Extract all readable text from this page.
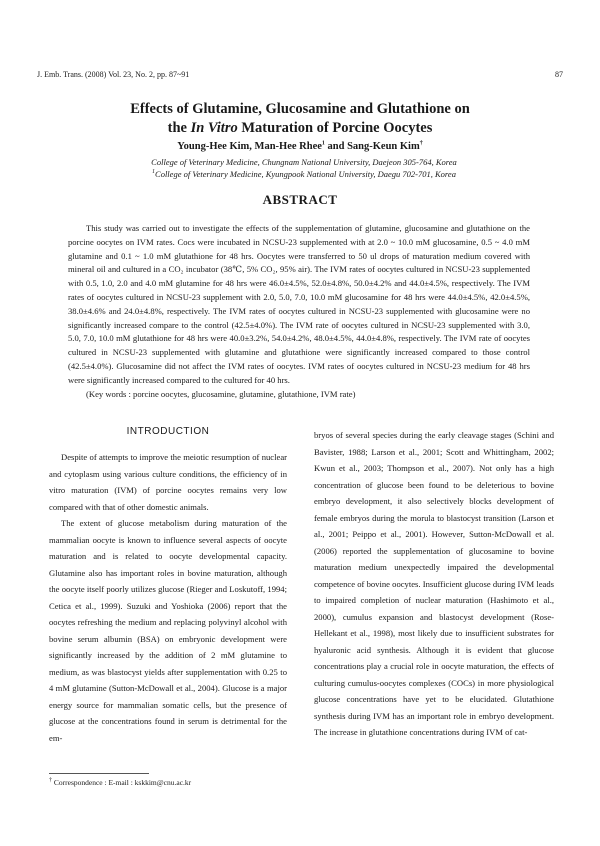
J. Emb. Trans. (2008) Vol. 23, No. 2, pp. 87~91	87
Effects of Glutamine, Glucosamine and Glutathione on
the In Vitro Maturation of Porcine Oocytes
Young-Hee Kim, Man-Hee Rhee$^1$ and Sang-Keun Kim†
College of Veterinary Medicine, Chungnam National University, Daejeon 305-764, Korea
$^1$College of Veterinary Medicine, Kyungpook National University, Daegu 702-701, Korea
ABSTRACT

This study was carried out to investigate the effects of the supplementation of glutamine, glucosamine and glutathione on the porcine oocytes on IVM rates. Cocs were incubated in NCSU-23 supplemented with at 2.0 ~ 10.0 mM glucosamine, 0.5 ~ 4.0 mM glutamine and 0.1 ~ 1.0 mM glutathione for 48 hrs. Oocytes were transferred to 50 ul drops of maturation medium covered with mineral oil and cultured in a CO₂ incubator (38℃, 5% CO₂, 95% air). The IVM rates of oocytes cultured in NCSU-23 supplemented with 0.5, 1.0, 2.0 and 4.0 mM glutamine for 48 hrs were 46.0±4.5%, 52.0±4.8%, 50.0±4.2% and 44.0±4.5%, respectively. The IVM rates of oocytes cultured in NCSU-23 supplement with 2.0, 5.0, 7.0, 10.0 mM glucosamine for 48 hrs were 44.0±4.5%, 42.0±4.5%, 38.0±4.6% and 24.0±4.8%, respectively. The IVM rates of oocytes cultured in NCSU-23 supplemented with glucosamine were no significantly increased compare to the control (42.5±4.0%). The IVM rate of oocytes cultured in NCSU-23 supplemented with 3.0, 5.0, 7.0, 10.0 mM glutathione for 48 hrs were 40.0±3.2%, 54.0±4.2%, 48.0±4.5%, 44.0±4.8%, respectively. The IVM rate of oocytes cultured in NCSU-23 supplemented with glutamine and glutathione were significantly increased compared to those control (42.5±4.0%). Glucosamine did not affect the IVM rates of oocytes. IVM rates of oocytes cultured in NCSU-23 medium for 48 hrs were significantly increased compared to the cultured for 40 hrs.

(Key words : porcine oocytes, glucosamine, glutamine, glutathione, IVM rate)

INTRODUCTION

Despite of attempts to improve the meiotic resumption of nuclear and cytoplasm using various culture conditions, the efficiency of in vitro maturation (IVM) of porcine oocytes remains very low compared with that of other domestic animals.

The extent of glucose metabolism during maturation of the mammalian oocyte is known to influence several aspects of oocyte maturation and is related to oocyte developmental capacity. Glutamine also has important roles in bovine maturation, although the oocyte itself poorly utilizes glucose (Rieger and Loskutoff, 1994; Cetica et al., 1999). Suzuki and Yoshioka (2006) report that the oocytes refreshing the medium and replacing polyvinyl alcohol with bovine serum albumin (BSA) on embryonic development were significantly increased by the addition of 2 mM glutamine to medium, as was blastocyst yields after supplementation with 0.25 to 4 mM glutamine (Sutton-McDowall et al., 2004). Glucose is a major energy source for mammalian somatic cells, but the presence of glucose at the concentrations found in serum is detrimental for the em-

bryos of several species during the early cleavage stages (Schini and Bavister, 1988; Larson et al., 2001; Scott and Whittingham, 2002; Kwun et al., 2003; Thompson et al., 2007). Not only has a high concentration of glucose been found to be deleterious to bovine embryo development, it also selectively blocks development of female embryos during the morula to blastocyst transition (Larson et al., 2001; Peippo et al., 2001). However, Sutton-McDowall et al. (2006) reported the supplementation of glucosamine to bovine maturation medium unexpectedly impaired the developmental competence of bovine oocytes. Insufficient glucose during IVM leads to impaired completion of nuclear maturation (Hashimoto et al., 2000), cumulus expansion and blastocyst development (Rose-Hellekant et al., 1998), most likely due to insufficient substrates for hyaluronic acid synthesis. Although it is evident that glucose concentrations play a crucial role in oocyte maturation, the effects of culturing cumulus-oocytes complexes (COCs) in more physiological glucose concentrations have yet to be elucidated. Glutathione synthesis during IVM has an important role in embryo development. The increase in glutathione concentrations during IVM of cat-

† Correspondence : E-mail : kskkim@cnu.ac.kr
